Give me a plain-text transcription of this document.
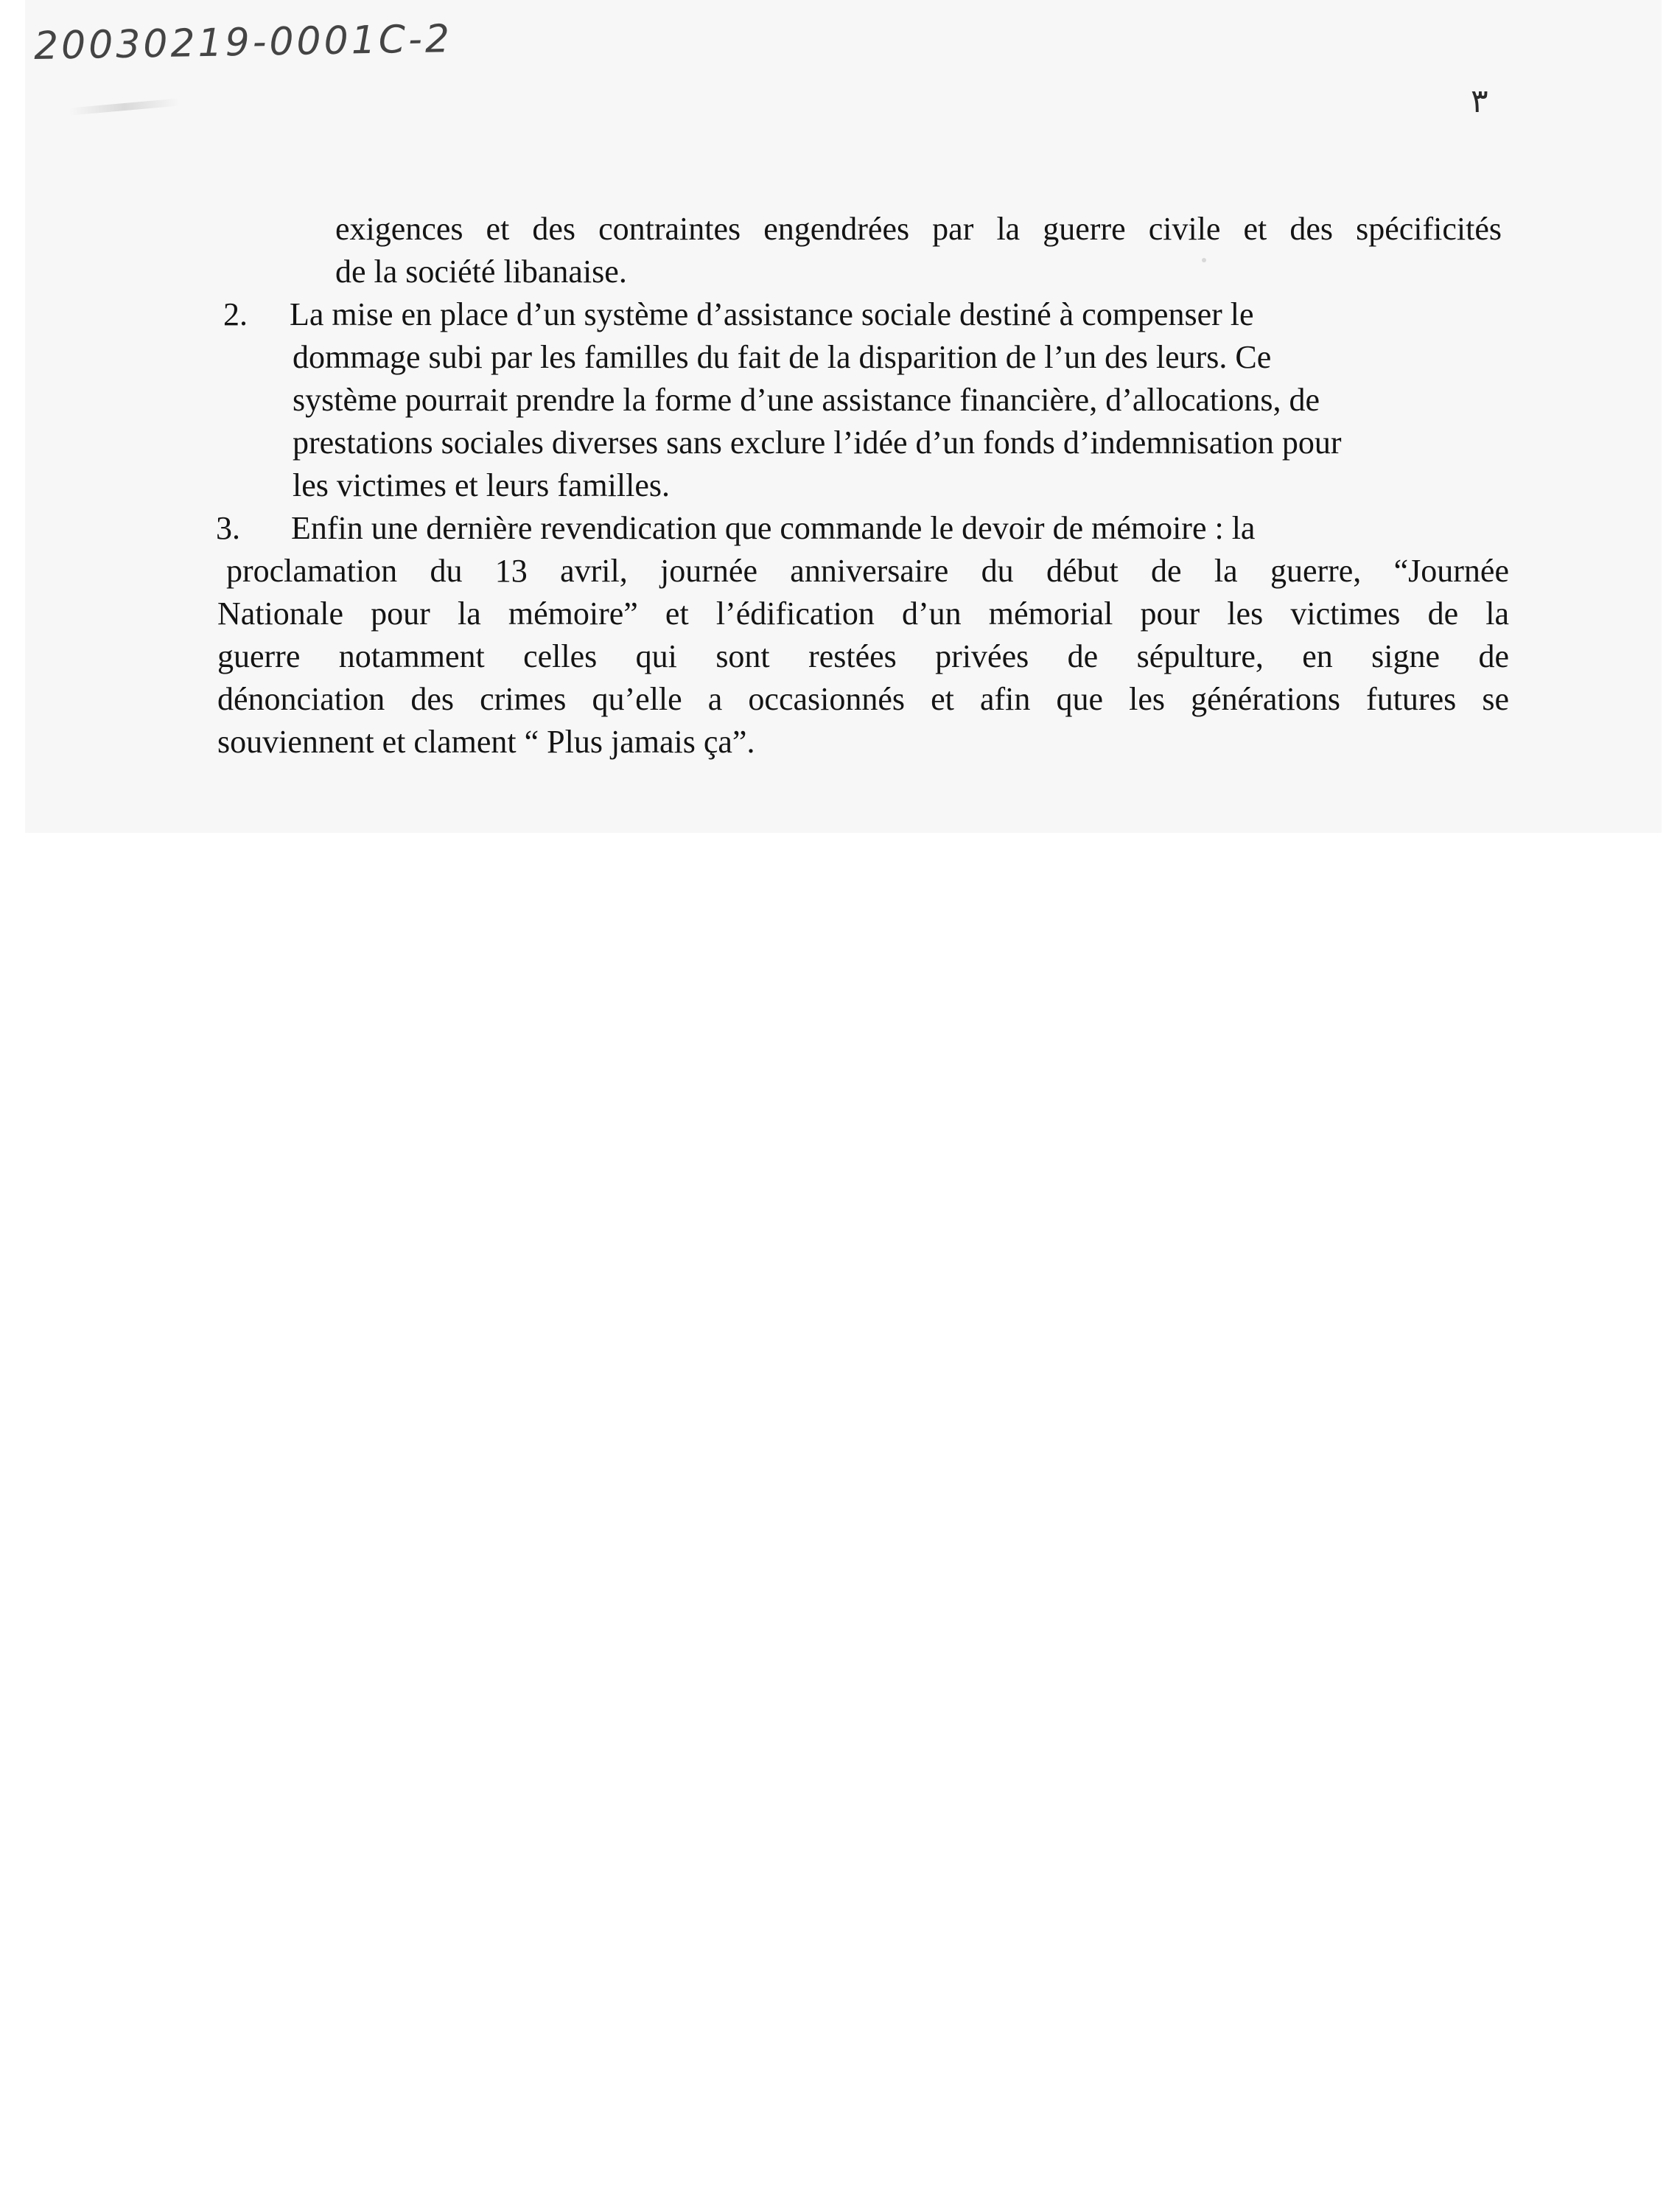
20030219-0001C-2
٣
exigences et des contraintes engendrées par la guerre civile et des spécificités
de la société libanaise.
2. La mise en place d’un système d’assistance sociale destiné à compenser le
dommage subi par les familles du fait de la disparition de l’un des leurs. Ce
système pourrait prendre la forme d’une assistance financière, d’allocations, de
prestations sociales diverses sans exclure l’idée d’un fonds d’indemnisation pour
les victimes et leurs familles.
3. Enfin une dernière revendication que commande le devoir de mémoire : la
proclamation du 13 avril, journée anniversaire du début de la guerre, “Journée
Nationale pour la mémoire” et l’édification d’un mémorial pour les victimes de la
guerre notamment celles qui sont restées privées de sépulture, en signe de
dénonciation des crimes qu’elle a occasionnés et afin que les générations futures se
souviennent et clament “ Plus jamais ça”.
